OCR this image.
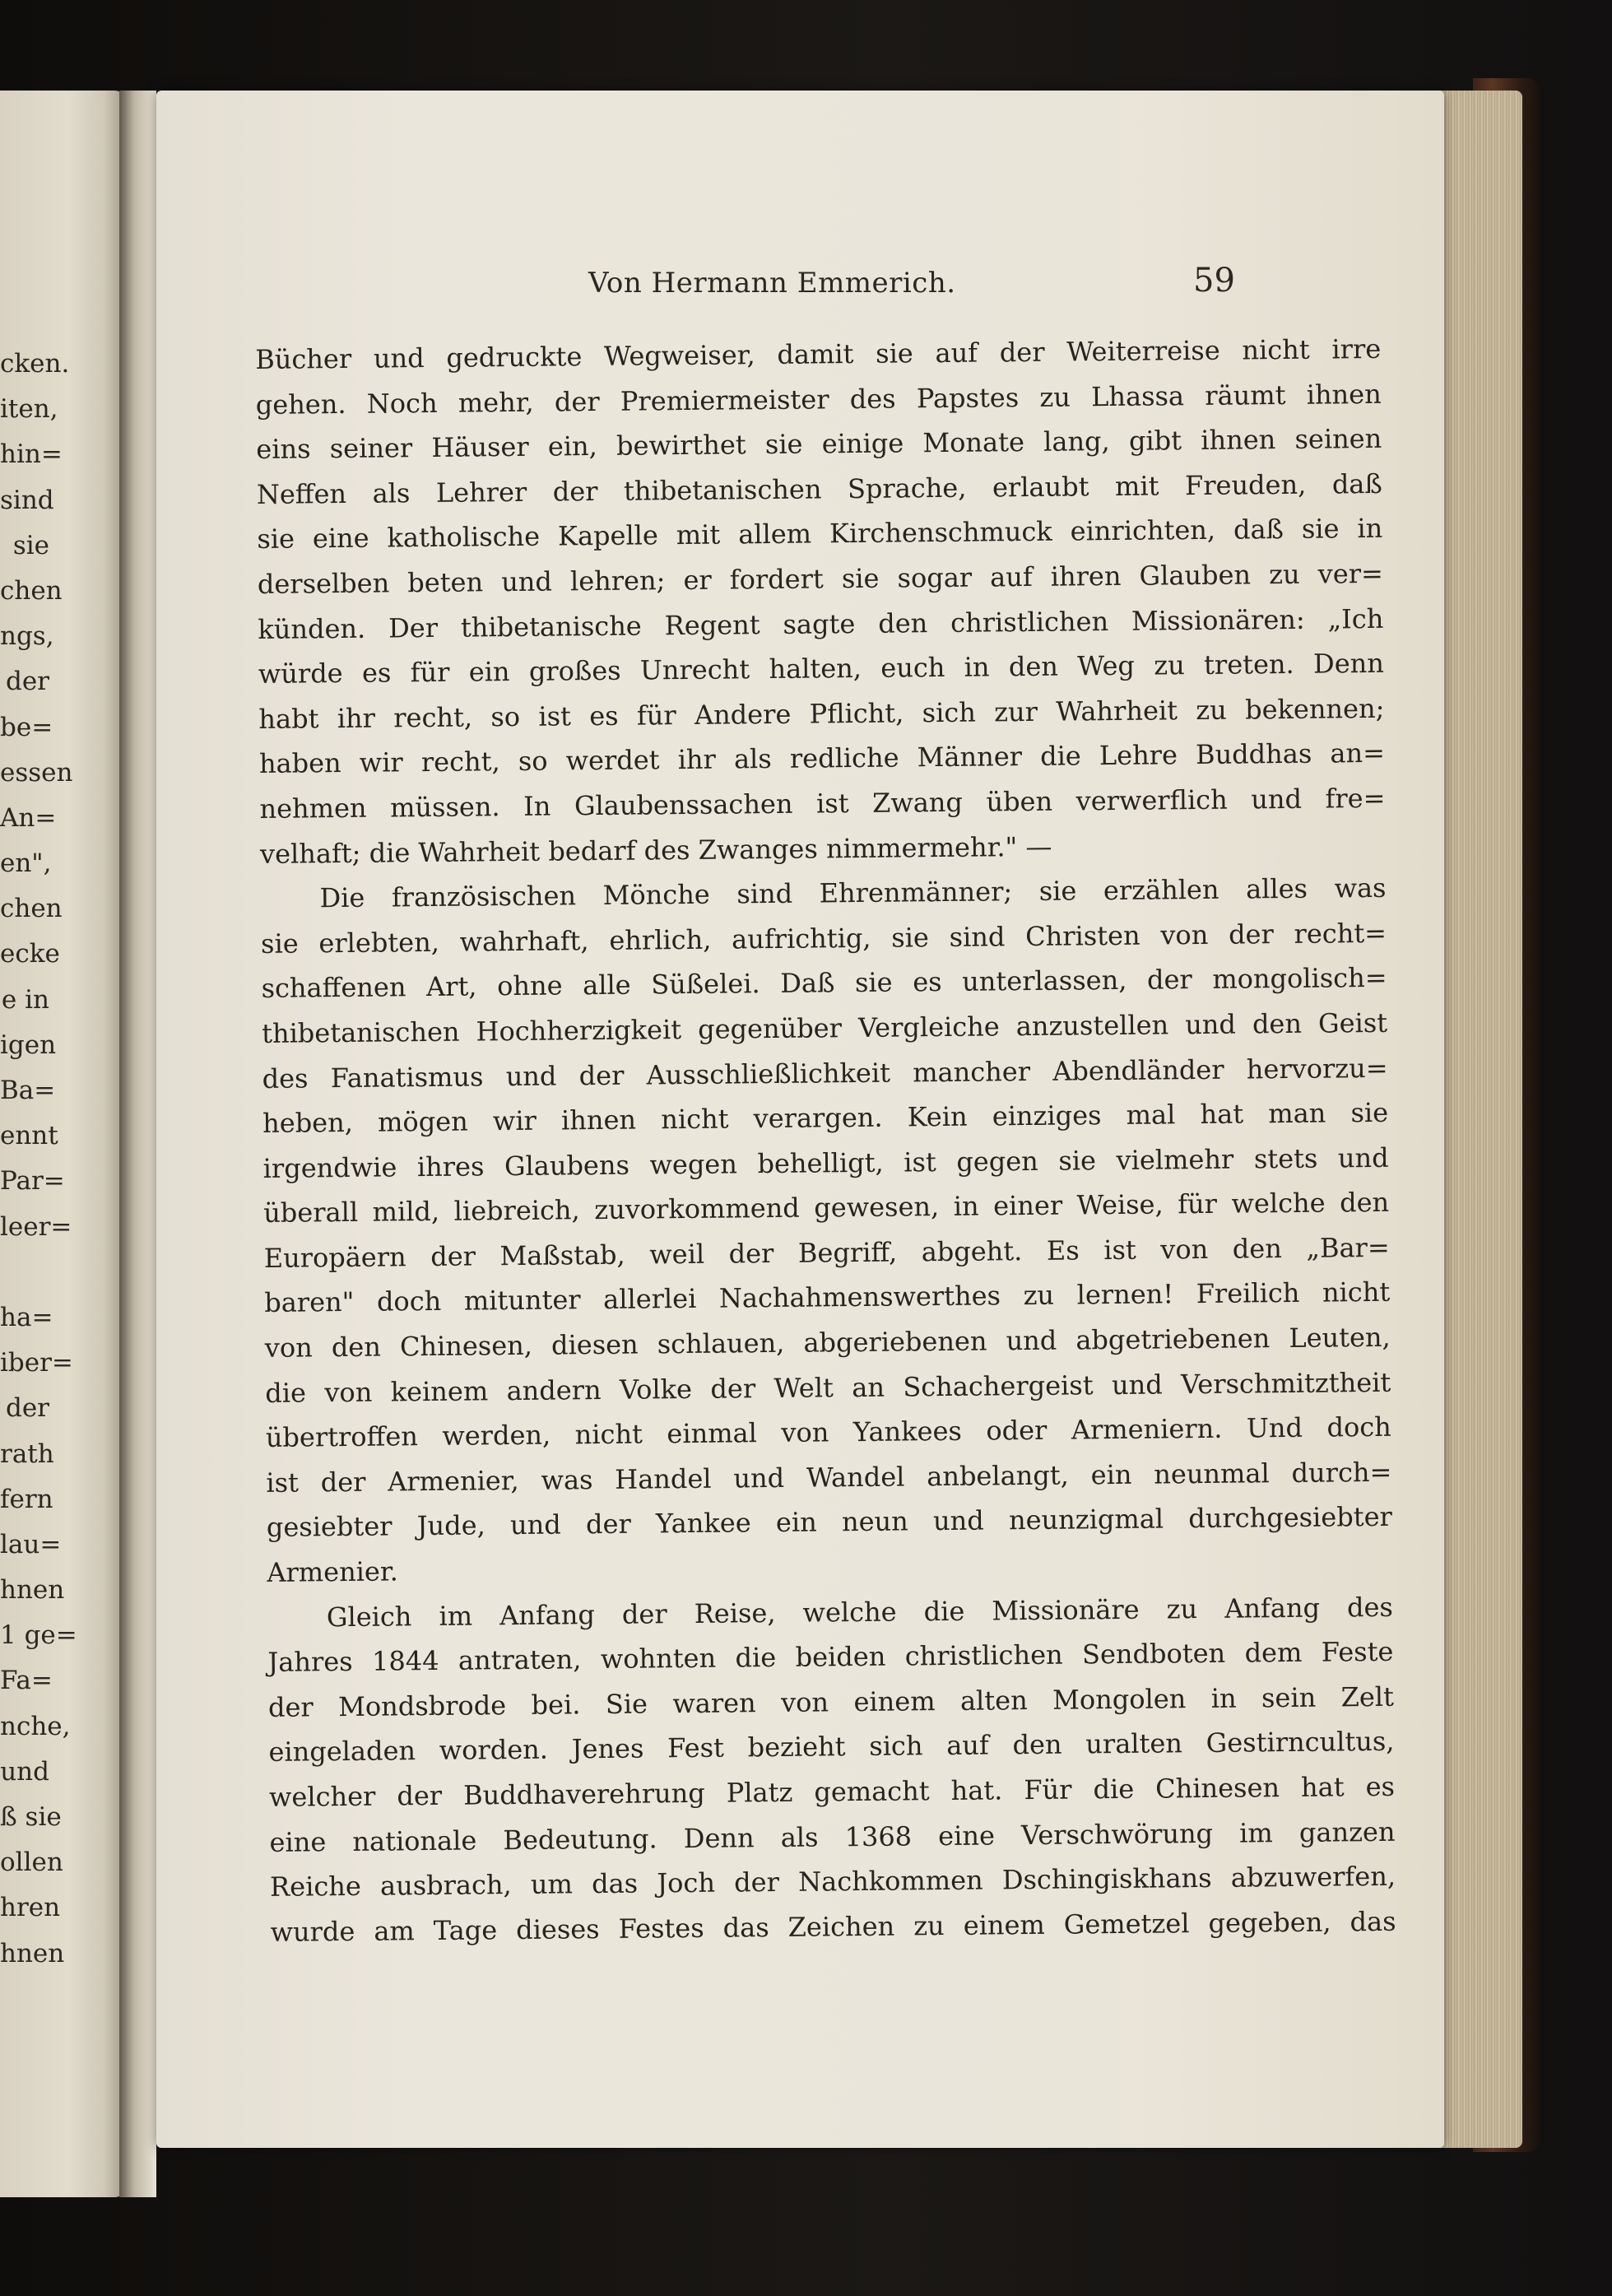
cken.
iten,
hin=
sind
sie
chen
ngs,
der
be=
essen
An=
en",
chen
ecke
e in
igen
Ba=
ennt
Par=
leer=
ha=
iber=
der
rath
fern
lau=
hnen
1 ge=
Fa=
nche,
und
ß sie
ollen
hren
hnen
Von Hermann Emmerich.	59
Bücher und gedruckte Wegweiser, damit sie auf der Weiterreise nicht irre
gehen. Noch mehr, der Premiermeister des Papstes zu Lhassa räumt ihnen
eins seiner Häuser ein, bewirthet sie einige Monate lang, gibt ihnen seinen
Neffen als Lehrer der thibetanischen Sprache, erlaubt mit Freuden, daß
sie eine katholische Kapelle mit allem Kirchenschmuck einrichten, daß sie in
derselben beten und lehren; er fordert sie sogar auf ihren Glauben zu ver=
künden. Der thibetanische Regent sagte den christlichen Missionären: „Ich
würde es für ein großes Unrecht halten, euch in den Weg zu treten. Denn
habt ihr recht, so ist es für Andere Pflicht, sich zur Wahrheit zu bekennen;
haben wir recht, so werdet ihr als redliche Männer die Lehre Buddhas an=
nehmen müssen. In Glaubenssachen ist Zwang üben verwerflich und fre=
velhaft; die Wahrheit bedarf des Zwanges nimmermehr." —
Die französischen Mönche sind Ehrenmänner; sie erzählen alles was
sie erlebten, wahrhaft, ehrlich, aufrichtig, sie sind Christen von der recht=
schaffenen Art, ohne alle Süßelei. Daß sie es unterlassen, der mongolisch=
thibetanischen Hochherzigkeit gegenüber Vergleiche anzustellen und den Geist
des Fanatismus und der Ausschließlichkeit mancher Abendländer hervorzu=
heben, mögen wir ihnen nicht verargen. Kein einziges mal hat man sie
irgendwie ihres Glaubens wegen behelligt, ist gegen sie vielmehr stets und
überall mild, liebreich, zuvorkommend gewesen, in einer Weise, für welche den
Europäern der Maßstab, weil der Begriff, abgeht. Es ist von den „Bar=
baren" doch mitunter allerlei Nachahmenswerthes zu lernen! Freilich nicht
von den Chinesen, diesen schlauen, abgeriebenen und abgetriebenen Leuten,
die von keinem andern Volke der Welt an Schachergeist und Verschmitztheit
übertroffen werden, nicht einmal von Yankees oder Armeniern. Und doch
ist der Armenier, was Handel und Wandel anbelangt, ein neunmal durch=
gesiebter Jude, und der Yankee ein neun und neunzigmal durchgesiebter
Armenier.
Gleich im Anfang der Reise, welche die Missionäre zu Anfang des
Jahres 1844 antraten, wohnten die beiden christlichen Sendboten dem Feste
der Mondsbrode bei. Sie waren von einem alten Mongolen in sein Zelt
eingeladen worden. Jenes Fest bezieht sich auf den uralten Gestirncultus,
welcher der Buddhaverehrung Platz gemacht hat. Für die Chinesen hat es
eine nationale Bedeutung. Denn als 1368 eine Verschwörung im ganzen
Reiche ausbrach, um das Joch der Nachkommen Dschingiskhans abzuwerfen,
wurde am Tage dieses Festes das Zeichen zu einem Gemetzel gegeben, das
